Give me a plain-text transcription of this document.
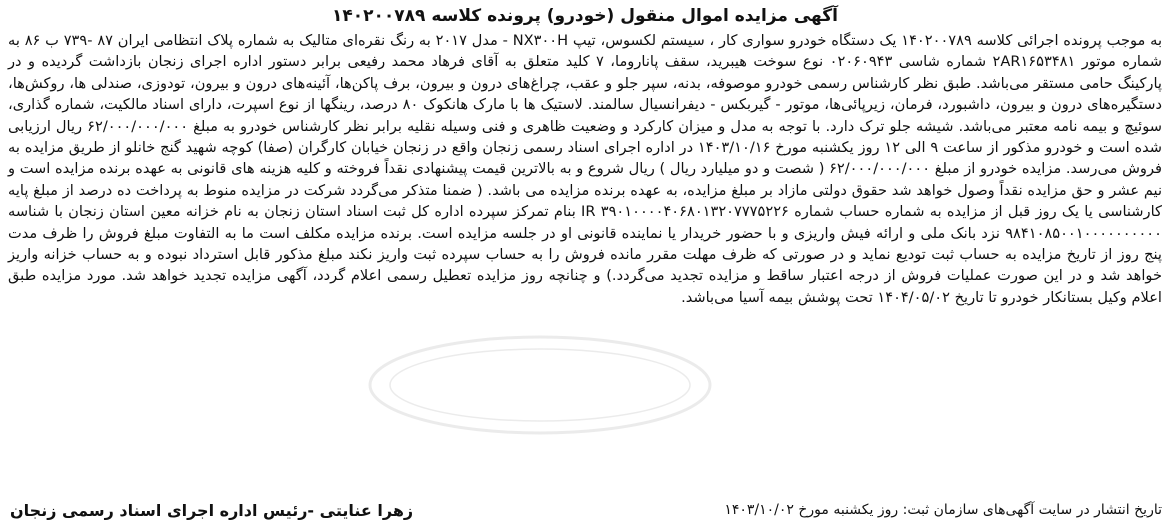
آگهی مزایده اموال منقول (خودرو) پرونده کلاسه ۱۴۰۲۰۰۷۸۹

به موجب پرونده اجرائی کلاسه ۱۴۰۲۰۰۷۸۹ یک دستگاه خودرو سواری کار ، سیستم لکسوس، تیپ NX۳۰۰H - مدل ۲۰۱۷ به رنگ نقره‌ای متالیک به شماره پلاک انتظامی ایران ۸۷ -۷۳۹ ب ۸۶ به شماره موتور ۲AR۱۶۵۳۴۸۱ شماره شاسی ۰۲۰۶۰۹۴۳ نوع سوخت هیبرید، سقف پاناروما، ۷ کلید متعلق به آقای فرهاد محمد رفیعی برابر دستور اداره اجرای زنجان بازداشت گردیده و در پارکینگ حامی مستقر می‌باشد. طبق نظر کارشناس رسمی خودرو موصوفه، بدنه، سپر جلو و عقب، چراغ‌های درون و بیرون، برف پاکن‌ها، آئینه‌های درون و بیرون، تودوزی، صندلی ها، روکش‌ها، دستگیره‌های درون و بیرون، داشبورد، فرمان، زیرپائی‌ها، موتور - گیربکس - دیفرانسیال سالمند. لاستیک ها با مارک هانکوک ۸۰ درصد، رینگها از نوع اسپرت، دارای اسناد مالکیت، شماره گذاری، سوئیچ و بیمه نامه معتبر می‌باشد. شیشه جلو ترک دارد. با توجه به مدل و میزان کارکرد و وضعیت ظاهری و فنی وسیله نقلیه برابر نظر کارشناس خودرو به مبلغ ۶۲/۰۰۰/۰۰۰/۰۰۰ ریال ارزیابی شده است و خودرو مذکور از ساعت ۹ الی ۱۲ روز یکشنبه مورخ ۱۴۰۳/۱۰/۱۶ در اداره اجرای اسناد رسمی زنجان واقع در زنجان خیابان کارگران (صفا) کوچه شهید گنج خانلو از طریق مزایده به فروش می‌رسد. مزایده خودرو از مبلغ ۶۲/۰۰۰/۰۰۰/۰۰۰ ( شصت و دو میلیارد ریال ) ریال شروع و به بالاترین قیمت پیشنهادی نقداً فروخته و کلیه هزینه های قانونی به عهده برنده مزایده است و نیم عشر و حق مزایده نقداً وصول خواهد شد حقوق دولتی مازاد بر مبلغ مزایده، به عهده برنده مزایده می باشد. ( ضمنا متذکر می‌گردد شرکت در مزایده منوط به پرداخت ده درصد از مبلغ پایه کارشناسی یا یک روز قبل از مزایده به شماره حساب شماره IR ۳۹۰۱۰۰۰۰۴۰۶۸۰۱۳۲۰۷۷۷۵۲۲۶ بنام تمرکز سپرده اداره کل ثبت اسناد استان زنجان به نام خزانه معین استان زنجان با شناسه ۹۸۴۱۰۸۵۰۰۱۰۰۰۰۰۰۰۰۰۰ نزد بانک ملی و ارائه فیش واریزی و با حضور خریدار یا نماینده قانونی او در جلسه مزایده است. برنده مزایده مکلف است ما به التفاوت مبلغ فروش را ظرف مدت پنج روز از تاریخ مزایده به حساب ثبت تودیع نماید و در صورتی که ظرف مهلت مقرر مانده فروش را به حساب سپرده ثبت واریز نکند مبلغ مذکور قابل استرداد نبوده و به حساب خزانه واریز خواهد شد و در این صورت عملیات فروش از درجه اعتبار ساقط و مزایده تجدید می‌گردد.) و چنانچه روز مزایده تعطیل رسمی اعلام گردد، آگهی مزایده تجدید خواهد شد. مورد مزایده طبق اعلام وکیل بستانکار خودرو تا تاریخ ۱۴۰۴/۰۵/۰۲ تحت پوشش بیمه آسیا می‌باشد.

تاریخ انتشار در سایت آگهی‌های سازمان ثبت: روز یکشنبه مورخ ۱۴۰۳/۱۰/۰۲
زهرا عنایتی -رئیس اداره اجرای اسناد رسمی زنجان
